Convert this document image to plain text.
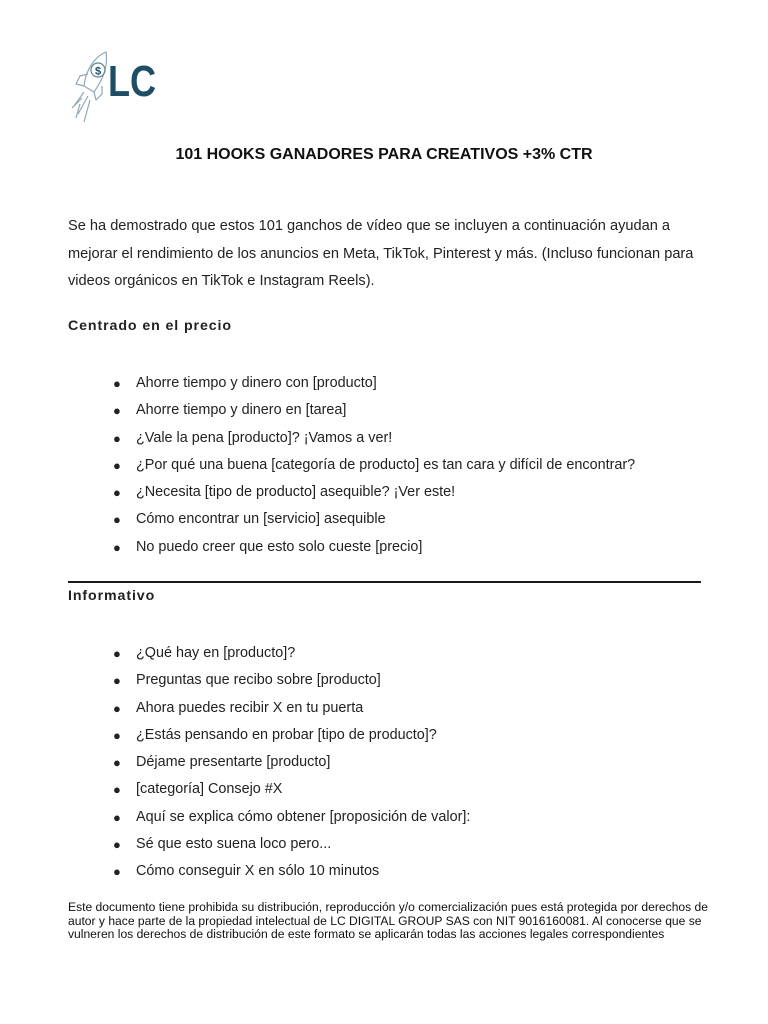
$ LC
101 HOOKS GANADORES PARA CREATIVOS +3% CTR

Se ha demostrado que estos 101 ganchos de vídeo que se incluyen a continuación ayudan a mejorar el rendimiento de los anuncios en Meta, TikTok, Pinterest y más. (Incluso funcionan para videos orgánicos en TikTok e Instagram Reels).

Centrado en el precio
● Ahorre tiempo y dinero con [producto]
● Ahorre tiempo y dinero en [tarea]
● ¿Vale la pena [producto]? ¡Vamos a ver!
● ¿Por qué una buena [categoría de producto] es tan cara y difícil de encontrar?
● ¿Necesita [tipo de producto] asequible? ¡Ver este!
● Cómo encontrar un [servicio] asequible
● No puedo creer que esto solo cueste [precio]
Informativo
● ¿Qué hay en [producto]?
● Preguntas que recibo sobre [producto]
● Ahora puedes recibir X en tu puerta
● ¿Estás pensando en probar [tipo de producto]?
● Déjame presentarte [producto]
● [categoría] Consejo #X
● Aquí se explica cómo obtener [proposición de valor]:
● Sé que esto suena loco pero...
● Cómo conseguir X en sólo 10 minutos

Este documento tiene prohibida su distribución, reproducción y/o comercialización pues está protegida por derechos de autor y hace parte de la propiedad intelectual de LC DIGITAL GROUP SAS con NIT 9016160081. Al conocerse que se vulneren los derechos de distribución de este formato se aplicarán todas las acciones legales correspondientes
